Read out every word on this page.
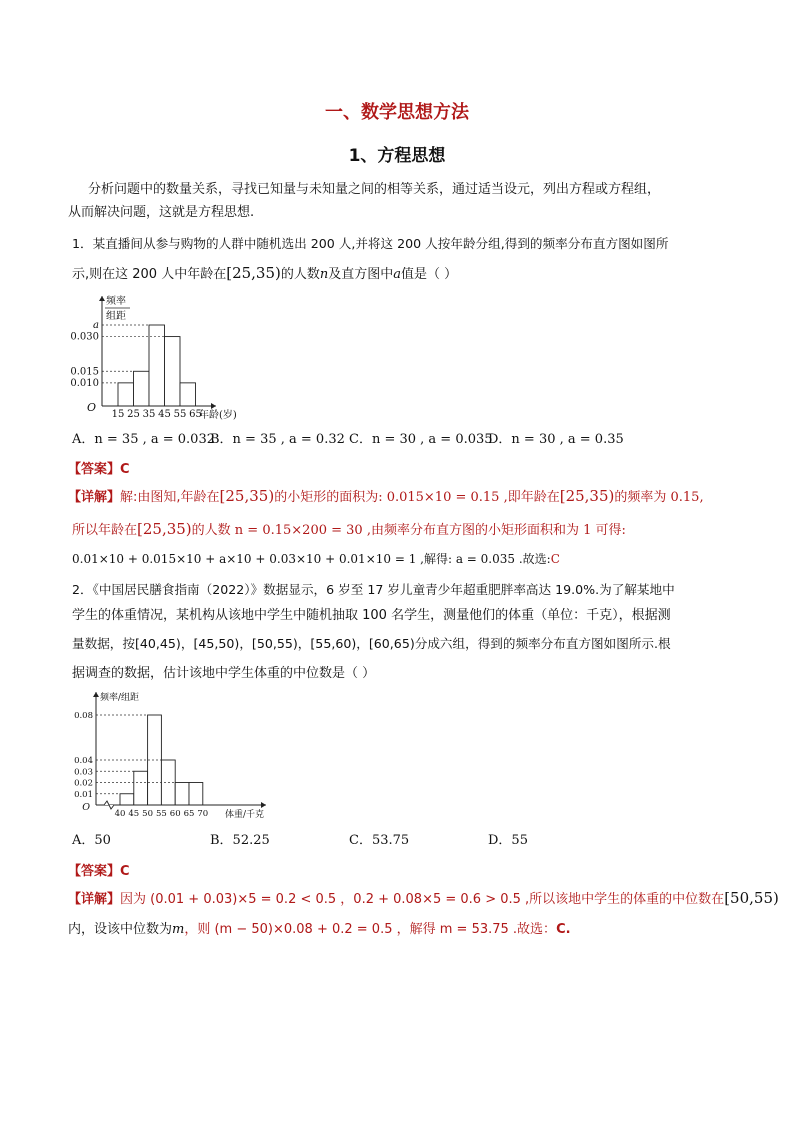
一、数学思想方法
1、方程思想
分析问题中的数量关系，寻找已知量与未知量之间的相等关系，通过适当设元，列出方程或方程组，
从而解决问题，这就是方程思想.
1．某直播间从参与购物的人群中随机选出 200 人,并将这 200 人按年龄分组,得到的频率分布直方图如图所
示,则在这 200 人中年龄在[25,35)的人数n及直方图中a值是（ ）
a
0.030
0.015
0.010
15 25 35 45 55 65
O
频率
组距
年龄(岁)
A．n = 35 , a = 0.032
B．n = 35 , a = 0.32 C．n = 30 , a = 0.035
D．n = 30 , a = 0.35
【答案】C
【详解】解:由图知,年龄在[25,35)的小矩形的面积为: 0.015×10 = 0.15 ,即年龄在[25,35)的频率为 0.15,
所以年龄在[25,35)的人数 n = 0.15×200 = 30 ,由频率分布直方图的小矩形面积和为 1 可得:
0.01×10 + 0.015×10 + a×10 + 0.03×10 + 0.01×10 = 1 ,解得: a = 0.035 .故选:C
2．《中国居民膳食指南（2022）》数据显示，6 岁至 17 岁儿童青少年超重肥胖率高达 19.0%.为了解某地中
学生的体重情况，某机构从该地中学生中随机抽取 100 名学生，测量他们的体重（单位：千克），根据测
量数据，按[40,45)，[45,50)，[50,55)，[55,60)，[60,65)分成六组，得到的频率分布直方图如图所示.根
据调查的数据，估计该地中学生体重的中位数是（ ）
0.08
0.04
0.03
0.02
0.01
40 45 50 55 60 65 70
O
频率/组距
体重/千克
A．50	B．52.25	C．53.75	D．55
【答案】C
【详解】因为 (0.01 + 0.03)×5 = 0.2 < 0.5 ，0.2 + 0.08×5 = 0.6 > 0.5 ,所以该地中学生的体重的中位数在[50,55)
内，设该中位数为m，则 (m − 50)×0.08 + 0.2 = 0.5 ，解得 m = 53.75 .故选：C.
